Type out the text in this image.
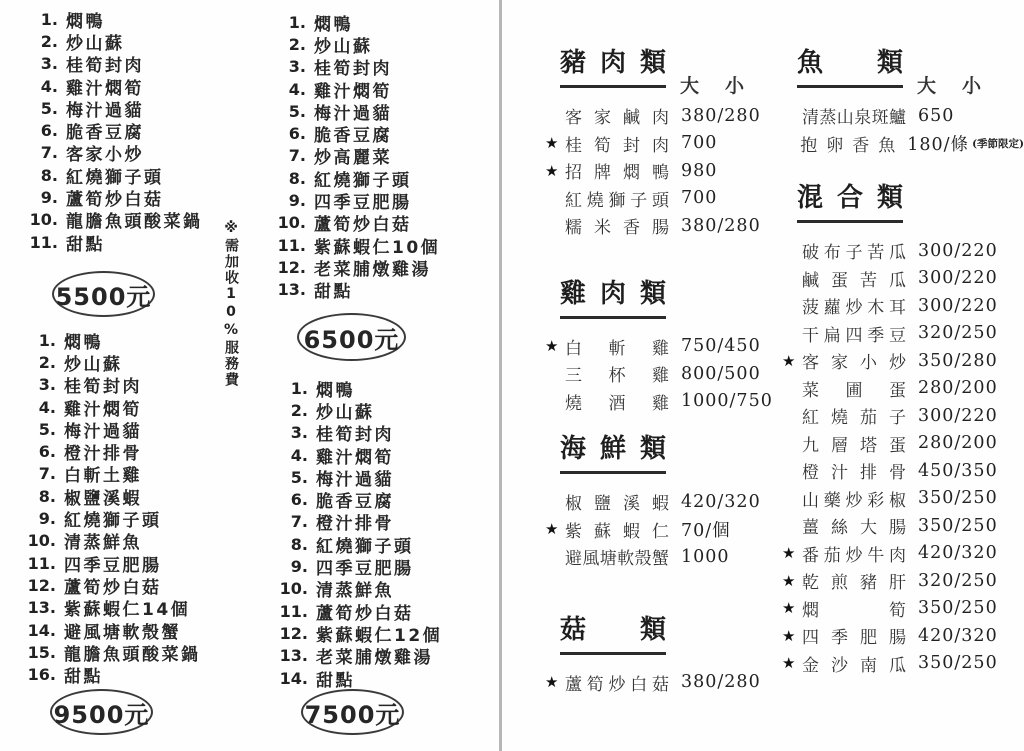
1. 燜鴨
2. 炒山蘇
3. 桂筍封肉
4. 雞汁燜筍
5. 梅汁過貓
6. 脆香豆腐
7. 客家小炒
8. 紅燒獅子頭
9. 蘆筍炒白菇
10. 龍膽魚頭酸菜鍋
11. 甜點
1. 燜鴨
2. 炒山蘇
3. 桂筍封肉
4. 雞汁燜筍
5. 梅汁過貓
6. 橙汁排骨
7. 白斬土雞
8. 椒鹽溪蝦
9. 紅燒獅子頭
10. 清蒸鮮魚
11. 四季豆肥腸
12. 蘆筍炒白菇
13. 紫蘇蝦仁14個
14. 避風塘軟殼蟹
15. 龍膽魚頭酸菜鍋
16. 甜點
1. 燜鴨
2. 炒山蘇
3. 桂筍封肉
4. 雞汁燜筍
5. 梅汁過貓
6. 脆香豆腐
7. 炒高麗菜
8. 紅燒獅子頭
9. 四季豆肥腸
10. 蘆筍炒白菇
11. 紫蘇蝦仁10個
12. 老菜脯燉雞湯
13. 甜點
1. 燜鴨
2. 炒山蘇
3. 桂筍封肉
4. 雞汁燜筍
5. 梅汁過貓
6. 脆香豆腐
7. 橙汁排骨
8. 紅燒獅子頭
9. 四季豆肥腸
10. 清蒸鮮魚
11. 蘆筍炒白菇
12. 紫蘇蝦仁12個
13. 老菜脯燉雞湯
14. 甜點
5500元
9500元
6500元
7500元
※需加收10%服務費
豬肉類
大 小
客家鹹肉 380/280
★ 桂筍封肉 700
★ 招牌燜鴨 980
紅燒獅子頭 700
糯米香腸 380/280
雞肉類
★ 白斬雞 750/450
三杯雞 800/500
燒酒雞 1000/750
海鮮類
椒鹽溪蝦 420/320
★ 紫蘇蝦仁 70/個
避風塘軟殼蟹 1000
菇類
★ 蘆筍炒白菇 380/280
魚類
大 小
清蒸山泉斑鱸 650
抱卵香魚 180/條 (季節限定)
混合類
破布子苦瓜 300/220
鹹蛋苦瓜 300/220
菠蘿炒木耳 300/220
干扁四季豆 320/250
★ 客家小炒 350/280
菜圃蛋 280/200
紅燒茄子 300/220
九層塔蛋 280/200
橙汁排骨 450/350
山藥炒彩椒 350/250
薑絲大腸 350/250
★ 番茄炒牛肉 420/320
★ 乾煎豬肝 320/250
★ 燜筍 350/250
★ 四季肥腸 420/320
★ 金沙南瓜 350/250
